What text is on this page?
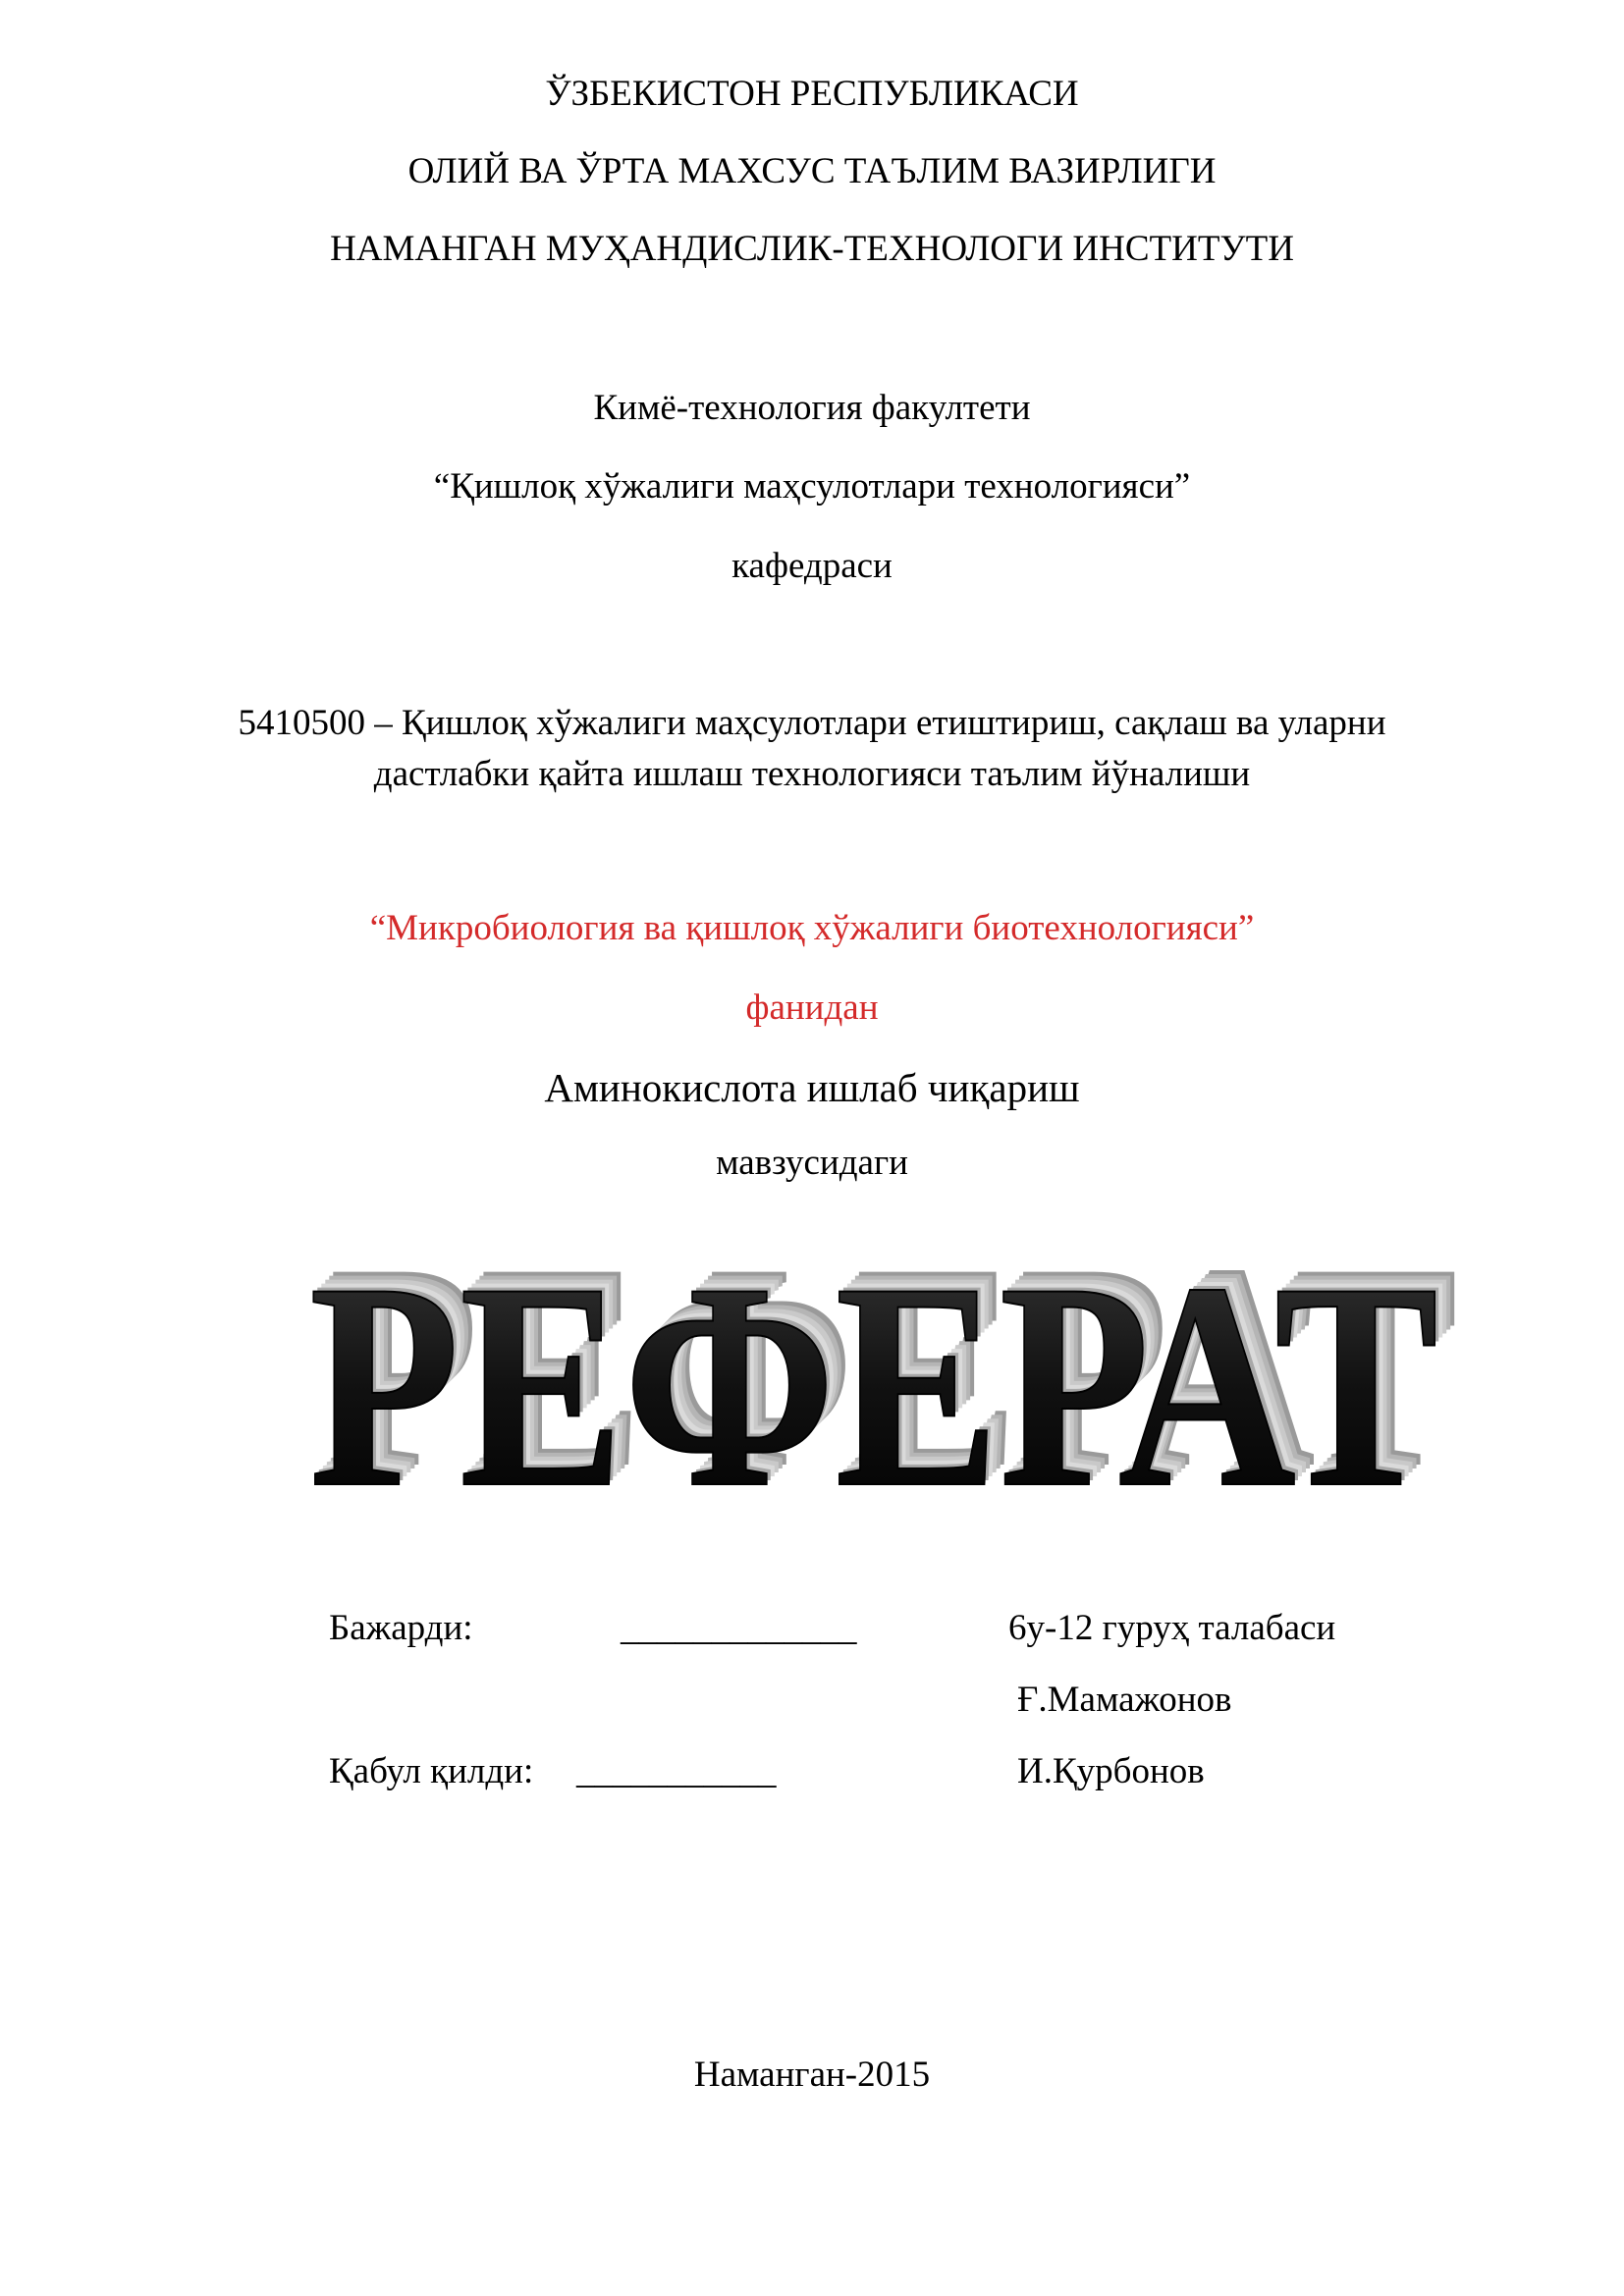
ЎЗБЕКИСТОН РЕСПУБЛИКАСИ
ОЛИЙ ВА ЎРТА МАХСУС ТАЪЛИМ ВАЗИРЛИГИ
НАМАНГАН МУҲАНДИСЛИК-ТЕХНОЛОГИ ИНСТИТУТИ
Кимё-технология факултети
“Қишлоқ хўжалиги маҳсулотлари технологияси”
кафедраси
5410500 – Қишлоқ хўжалиги маҳсулотлари етиштириш, сақлаш ва уларни
дастлабки қайта ишлаш технологияси таълим йўналиши
“Микробиология ва қишлоқ хўжалиги биотехнологияси”
фанидан
Аминокислота ишлаб чиқариш
мавзусидаги
РЕФЕРАТ
РЕФЕРАТ
РЕФЕРАТ
РЕФЕРАТ
РЕФЕРАТ
РЕФЕРАТ
Бажарди:	_____________	6у-12 гуруҳ талабаси
Ғ.Мамажонов
Қабул қилди: ___________	И.Қурбонов
Наманган-2015
